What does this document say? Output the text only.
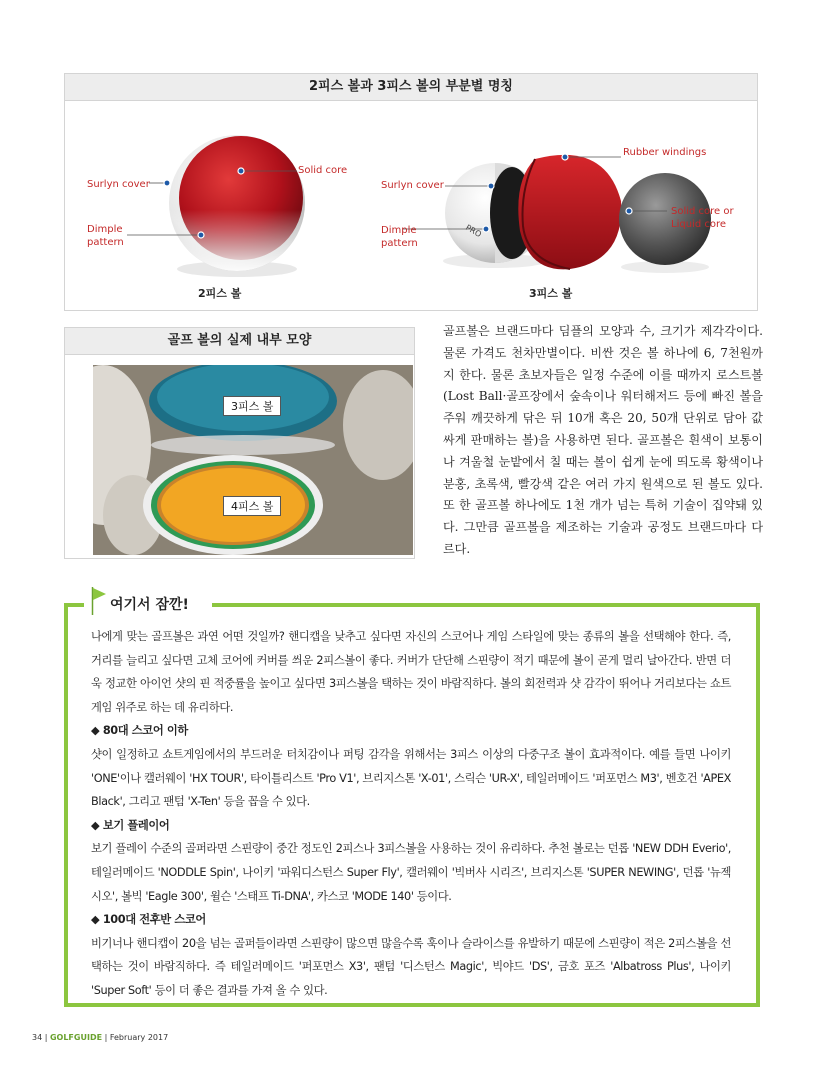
2피스 볼과 3피스 볼의 부분별 명칭
PRO
Surlyn cover
Solid core
Dimple
pattern
2피스 볼
Surlyn cover
Rubber windings
Solid core or
Liquid core
Dimple
pattern
3피스 볼
골프 볼의 실제 내부 모양
3피스 볼
4피스 볼
골프볼은 브랜드마다 딤플의 모양과 수, 크기가 제각각이다. 물론 가격도 천차만별이다. 비싼 것은 볼 하나에 6, 7천원까지 한다. 물론 초보자들은 일정 수준에 이를 때까지 로스트볼(Lost Ball·골프장에서 숲속이나 워터해저드 등에 빠진 볼을 주워 깨끗하게 닦은 뒤 10개 혹은 20, 50개 단위로 담아 값싸게 판매하는 볼)을 사용하면 된다. 골프볼은 흰색이 보통이나 겨울철 눈밭에서 칠 때는 볼이 쉽게 눈에 띄도록 황색이나 분홍, 초록색, 빨강색 같은 여러 가지 원색으로 된 볼도 있다. 또 한 골프볼 하나에도 1천 개가 넘는 특허 기술이 집약돼 있다. 그만큼 골프볼을 제조하는 기술과 공정도 브랜드마다 다르다.
여기서 잠깐!

나에게 맞는 골프볼은 과연 어떤 것일까? 핸디캡을 낮추고 싶다면 자신의 스코어나 게임 스타일에 맞는 종류의 볼을 선택해야 한다. 즉, 거리를 늘리고 싶다면 고체 코어에 커버를 씌운 2피스볼이 좋다. 커버가 단단해 스핀량이 적기 때문에 볼이 곧게 멀리 날아간다. 반면 더욱 정교한 아이언 샷의 핀 적중률을 높이고 싶다면 3피스볼을 택하는 것이 바람직하다. 볼의 회전력과 샷 감각이 뛰어나 거리보다는 쇼트게임 위주로 하는 데 유리하다.

◆ 80대 스코어 이하

샷이 일정하고 쇼트게임에서의 부드러운 터치감이나 퍼팅 감각을 위해서는 3피스 이상의 다중구조 볼이 효과적이다. 예를 들면 나이키 'ONE'이나 캘러웨이 'HX TOUR', 타이틀리스트 'Pro V1', 브리지스톤 'X-01', 스릭슨 'UR-X', 테일러메이드 '퍼포먼스 M3', 벤호건 'APEX Black', 그리고 팬텀 'X-Ten' 등을 꼽을 수 있다.

◆ 보기 플레이어

보기 플레이 수준의 골퍼라면 스핀량이 중간 정도인 2피스나 3피스볼을 사용하는 것이 유리하다. 추천 볼로는 던롭 'NEW DDH Everio', 테일러메이드 'NODDLE Spin', 나이키 '파워디스턴스 Super Fly', 캘러웨이 '빅버사 시리즈', 브리지스톤 'SUPER NEWING', 던롭 '뉴젝시오', 볼빅 'Eagle 300', 윌슨 '스태프 Ti-DNA', 카스코 'MODE 140' 등이다.

◆ 100대 전후반 스코어

비기너나 핸디캡이 20을 넘는 골퍼들이라면 스핀량이 많으면 많을수록 훅이나 슬라이스를 유발하기 때문에 스핀량이 적은 2피스볼을 선택하는 것이 바람직하다. 즉 테일러메이드 '퍼포먼스 X3', 팬텀 '디스턴스 Magic', 빅야드 'DS', 금호 포즈 'Albatross Plus', 나이키 'Super Soft' 등이 더 좋은 결과를 가져 올 수 있다.

34 | GOLFGUIDE | February 2017
